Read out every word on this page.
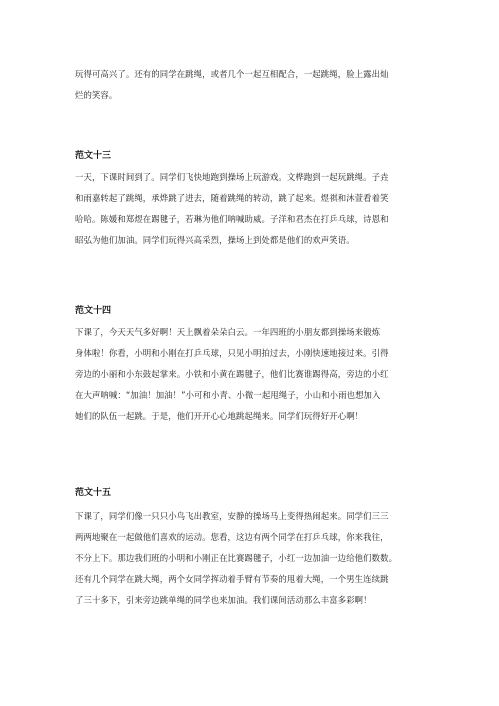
玩得可高兴了。还有的同学在跳绳，或者几个一起互相配合，一起跳绳，脸上露出灿
烂的笑容。

范文十三

一天，下课时间到了。同学们飞快地跑到操场上玩游戏。文桦跑到一起玩跳绳。子垚
和雨嘉转起了跳绳，承烨跳了进去，随着跳绳的转动，跳了起来。煜祺和沐萱看着笑
哈哈。陈媛和郑煜在踢毽子，若琳为他们呐喊助威。子洋和君杰在打乒乓球，诗恩和
昭弘为他们加油。同学们玩得兴高采烈，操场上到处都是他们的欢声笑语。

范文十四

下课了，今天天气多好啊！天上飘着朵朵白云。一年四班的小朋友都到操场来锻炼
身体啦！你看，小明和小刚在打乒乓球，只见小明拍过去，小刚快速地接过来。引得
旁边的小丽和小东鼓起掌来。小铁和小黄在踢毽子，他们比赛谁踢得高，旁边的小红
在大声呐喊：“加油！加油！”小可和小青、小微一起甩绳子，小山和小雨也想加入
她们的队伍一起跳。于是，他们开开心心地跳起绳来。同学们玩得好开心啊！

范文十五

下课了，同学们像一只只小鸟飞出教室，安静的操场马上变得热闹起来。同学们三三
两两地聚在一起做他们喜欢的运动。您看，这边有两个同学在打乒乓球，你来我往，
不分上下。那边我们班的小明和小刚正在比赛踢毽子，小红一边加油一边给他们数数。
还有几个同学在跳大绳，两个女同学挥动着手臂有节奏的甩着大绳，一个男生连续跳
了三十多下，引来旁边跳单绳的同学也来加油。我们课间活动那么丰富多彩啊！
